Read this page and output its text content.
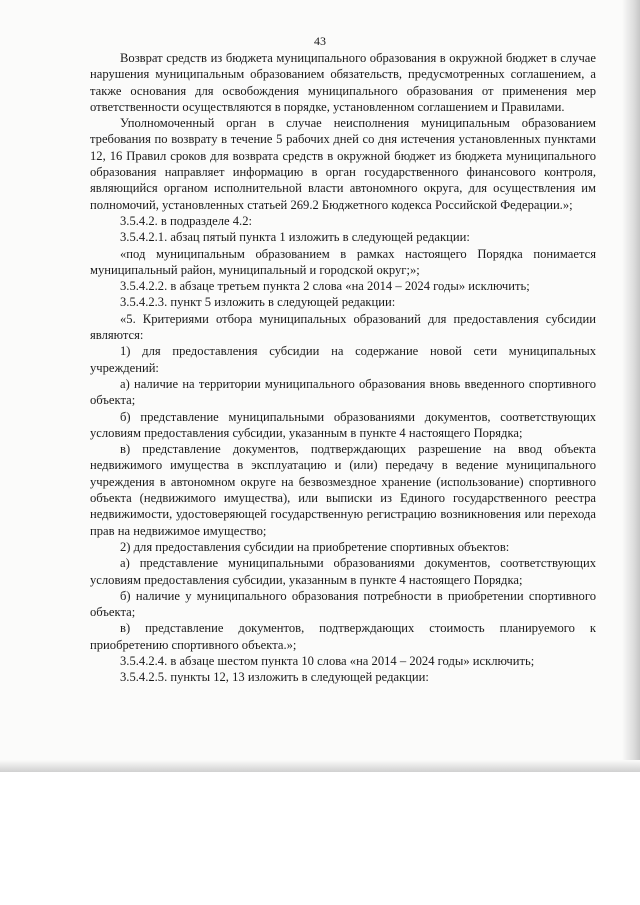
43

Возврат средств из бюджета муниципального образования в окружной бюджет в случае нарушения муниципальным образованием обязательств, предусмотренных соглашением, а также основания для освобождения муниципального образования от применения мер ответственности осуществляются в порядке, установленном соглашением и Правилами.

Уполномоченный орган в случае неисполнения муниципальным образованием требования по возврату в течение 5 рабочих дней со дня истечения установленных пунктами 12, 16 Правил сроков для возврата средств в окружной бюджет из бюджета муниципального образования направляет информацию в орган государственного финансового контроля, являющийся органом исполнительной власти автономного округа, для осуществления им полномочий, установленных статьей 269.2 Бюджетного кодекса Российской Федерации.»;

3.5.4.2. в подразделе 4.2:

3.5.4.2.1. абзац пятый пункта 1 изложить в следующей редакции:

«под муниципальным образованием в рамках настоящего Порядка понимается муниципальный район, муниципальный и городской округ;»;

3.5.4.2.2. в абзаце третьем пункта 2 слова «на 2014 – 2024 годы» исключить;

3.5.4.2.3. пункт 5 изложить в следующей редакции:

«5. Критериями отбора муниципальных образований для предоставления субсидии являются:

1) для предоставления субсидии на содержание новой сети муниципальных учреждений:

а) наличие на территории муниципального образования вновь введенного спортивного объекта;

б) представление муниципальными образованиями документов, соответствующих условиям предоставления субсидии, указанным в пункте 4 настоящего Порядка;

в) представление документов, подтверждающих разрешение на ввод объекта недвижимого имущества в эксплуатацию и (или) передачу в ведение муниципального учреждения в автономном округе на безвозмездное хранение (использование) спортивного объекта (недвижимого имущества), или выписки из Единого государственного реестра недвижимости, удостоверяющей государственную регистрацию возникновения или перехода прав на недвижимое имущество;

2) для предоставления субсидии на приобретение спортивных объектов:

а) представление муниципальными образованиями документов, соответствующих условиям предоставления субсидии, указанным в пункте 4 настоящего Порядка;

б) наличие у муниципального образования потребности в приобретении спортивного объекта;

в) представление документов, подтверждающих стоимость планируемого к приобретению спортивного объекта.»;

3.5.4.2.4. в абзаце шестом пункта 10 слова «на 2014 – 2024 годы» исключить;

3.5.4.2.5. пункты 12, 13 изложить в следующей редакции:
